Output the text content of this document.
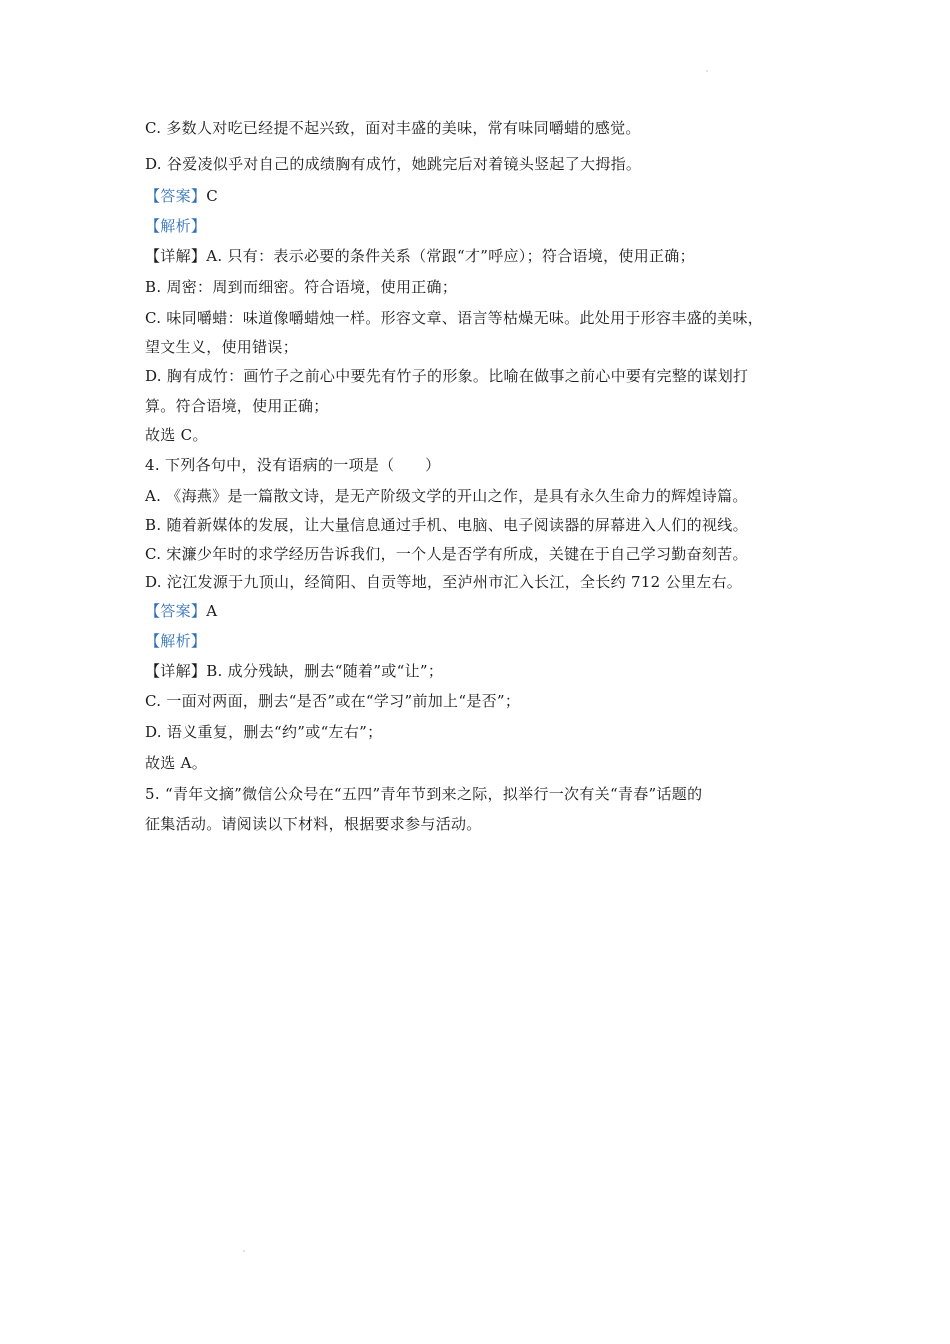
C. 多数人对吃已经提不起兴致，面对丰盛的美味，常有味同嚼蜡的感觉。
D. 谷爱凌似乎对自己的成绩胸有成竹，她跳完后对着镜头竖起了大拇指。
【答案】C
【解析】
【详解】A. 只有：表示必要的条件关系（常跟“才”呼应）；符合语境，使用正确；
B. 周密：周到而细密。符合语境，使用正确；
C. 味同嚼蜡：味道像嚼蜡烛一样。形容文章、语言等枯燥无味。此处用于形容丰盛的美味，
望文生义，使用错误；
D. 胸有成竹：画竹子之前心中要先有竹子的形象。比喻在做事之前心中要有完整的谋划打
算。符合语境，使用正确；
故选 C。
4. 下列各句中，没有语病的一项是（　　）
A. 《海燕》是一篇散文诗，是无产阶级文学的开山之作，是具有永久生命力的辉煌诗篇。
B. 随着新媒体的发展，让大量信息通过手机、电脑、电子阅读器的屏幕进入人们的视线。
C. 宋濂少年时的求学经历告诉我们，一个人是否学有所成，关键在于自己学习勤奋刻苦。
D. 沱江发源于九顶山，经简阳、自贡等地，至泸州市汇入长江，全长约 712 公里左右。
【答案】A
【解析】
【详解】B. 成分残缺，删去“随着”或“让”；
C. 一面对两面，删去“是否”或在“学习”前加上“是否”；
D. 语义重复，删去“约”或“左右”；
故选 A。
5. “青年文摘”微信公众号在“五四”青年节到来之际，拟举行一次有关“青春”话题的
征集活动。请阅读以下材料，根据要求参与活动。
